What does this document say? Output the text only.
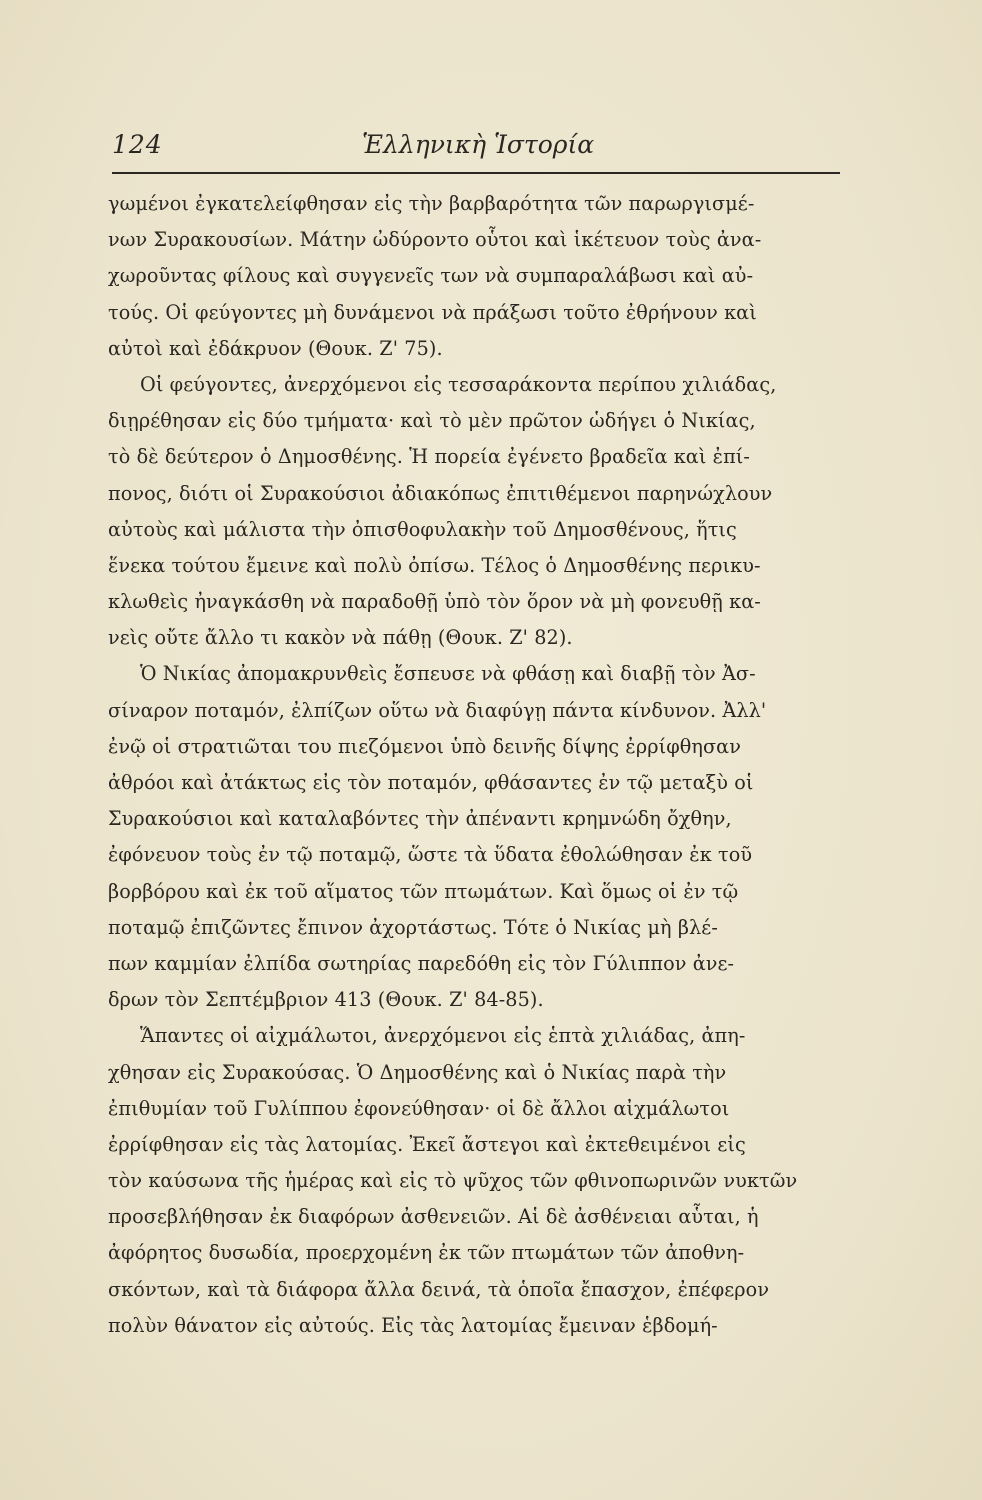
124	Ἑλληνικὴ Ἱστορία
γωμένοι ἐγκατελείφθησαν εἰς τὴν βαρβαρότητα τῶν παρωργισμέ-
νων Συρακουσίων. Μάτην ὠδύροντο οὗτοι καὶ ἱκέτευον τοὺς ἀνα-
χωροῦντας φίλους καὶ συγγενεῖς των νὰ συμπαραλάβωσι καὶ αὐ-
τούς. Οἱ φεύγοντες μὴ δυνάμενοι νὰ πράξωσι τοῦτο ἐθρήνουν καὶ
αὐτοὶ καὶ ἐδάκρυον (Θουκ. Ζ' 75).
Οἱ φεύγοντες, ἀνερχόμενοι εἰς τεσσαράκοντα περίπου χιλιάδας,
διῃρέθησαν εἰς δύο τμήματα· καὶ τὸ μὲν πρῶτον ὡδήγει ὁ Νικίας,
τὸ δὲ δεύτερον ὁ Δημοσθένης. Ἡ πορεία ἐγένετο βραδεῖα καὶ ἐπί-
πονος, διότι οἱ Συρακούσιοι ἀδιακόπως ἐπιτιθέμενοι παρηνώχλουν
αὐτοὺς καὶ μάλιστα τὴν ὀπισθοφυλακὴν τοῦ Δημοσθένους, ἥτις
ἕνεκα τούτου ἔμεινε καὶ πολὺ ὀπίσω. Τέλος ὁ Δημοσθένης περικυ-
κλωθεὶς ἠναγκάσθη νὰ παραδοθῇ ὑπὸ τὸν ὅρον νὰ μὴ φονευθῇ κα-
νεὶς οὔτε ἄλλο τι κακὸν νὰ πάθῃ (Θουκ. Ζ' 82).
Ὁ Νικίας ἀπομακρυνθεὶς ἔσπευσε νὰ φθάσῃ καὶ διαβῇ τὸν Ἀσ-
σίναρον ποταμόν, ἐλπίζων οὕτω νὰ διαφύγῃ πάντα κίνδυνον. Ἀλλ'
ἐνῷ οἱ στρατιῶται του πιεζόμενοι ὑπὸ δεινῆς δίψης ἐρρίφθησαν
ἀθρόοι καὶ ἀτάκτως εἰς τὸν ποταμόν, φθάσαντες ἐν τῷ μεταξὺ οἱ
Συρακούσιοι καὶ καταλαβόντες τὴν ἀπέναντι κρημνώδη ὄχθην,
ἐφόνευον τοὺς ἐν τῷ ποταμῷ, ὥστε τὰ ὕδατα ἐθολώθησαν ἐκ τοῦ
βορβόρου καὶ ἐκ τοῦ αἵματος τῶν πτωμάτων. Καὶ ὅμως οἱ ἐν τῷ
ποταμῷ ἐπιζῶντες ἔπινον ἀχορτάστως. Τότε ὁ Νικίας μὴ βλέ-
πων καμμίαν ἐλπίδα σωτηρίας παρεδόθη εἰς τὸν Γύλιππον ἀνε-
δρων τὸν Σεπτέμβριον 413 (Θουκ. Ζ' 84-85).
Ἅπαντες οἱ αἰχμάλωτοι, ἀνερχόμενοι εἰς ἑπτὰ χιλιάδας, ἀπη-
χθησαν εἰς Συρακούσας. Ὁ Δημοσθένης καὶ ὁ Νικίας παρὰ τὴν
ἐπιθυμίαν τοῦ Γυλίππου ἐφονεύθησαν· οἱ δὲ ἄλλοι αἰχμάλωτοι
ἐρρίφθησαν εἰς τὰς λατομίας. Ἐκεῖ ἄστεγοι καὶ ἐκτεθειμένοι εἰς
τὸν καύσωνα τῆς ἡμέρας καὶ εἰς τὸ ψῦχος τῶν φθινοπωρινῶν νυκτῶν
προσεβλήθησαν ἐκ διαφόρων ἀσθενειῶν. Αἱ δὲ ἀσθένειαι αὗται, ἡ
ἀφόρητος δυσωδία, προερχομένη ἐκ τῶν πτωμάτων τῶν ἀποθνη-
σκόντων, καὶ τὰ διάφορα ἄλλα δεινά, τὰ ὁποῖα ἔπασχον, ἐπέφερον
πολὺν θάνατον εἰς αὐτούς. Εἰς τὰς λατομίας ἔμειναν ἑβδομή-
